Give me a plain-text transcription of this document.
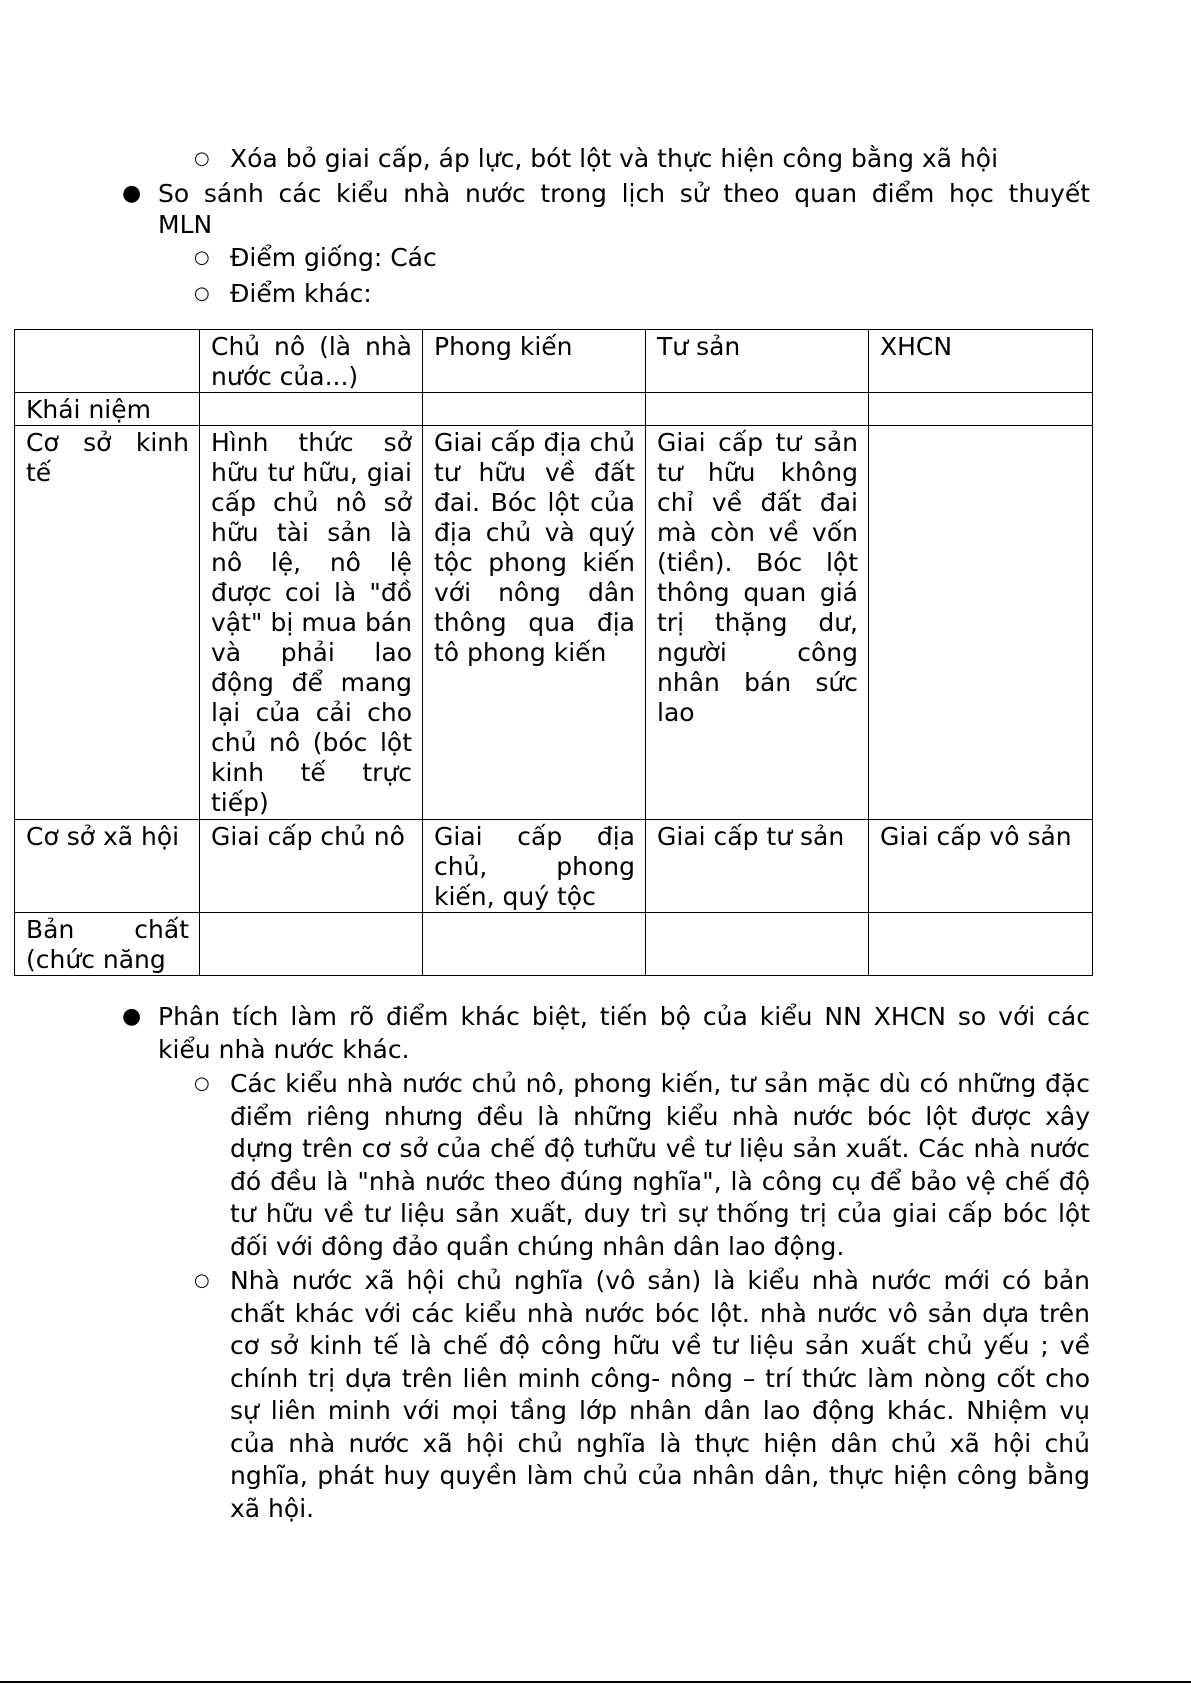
○ Xóa bỏ giai cấp, áp lực, bót lột và thực hiện công bằng xã hội
● So sánh các kiểu nhà nước trong lịch sử theo quan điểm học thuyết
MLN
○ Điểm giống: Các
○ Điểm khác:
	Chủ nô (là nhà nước của...)	Phong kiến	Tư sản	XHCN
Khái niệm				
Cơ sở kinh tế	Hình thức sở hữu tư hữu, giai cấp chủ nô sở hữu tài sản là nô lệ, nô lệ được coi là "đồ vật" bị mua bán và phải lao động để mang lại của cải cho chủ nô (bóc lột kinh tế trực tiếp)	Giai cấp địa chủ tư hữu về đất đai. Bóc lột của địa chủ và quý tộc phong kiến với nông dân thông qua địa tô phong kiến	Giai cấp tư sản tư hữu không chỉ về đất đai mà còn về vốn (tiền). Bóc lột thông quan giá trị thặng dư, người công nhân bán sức lao	
Cơ sở xã hội	Giai cấp chủ nô	Giai cấp địa chủ, phong kiến, quý tộc	Giai cấp tư sản	Giai cấp vô sản
Bản chất (chức năng				
● Phân tích làm rõ điểm khác biệt, tiến bộ của kiểu NN XHCN so với các
kiểu nhà nước khác.
○ Các kiểu nhà nước chủ nô, phong kiến, tư sản mặc dù có những đặc điểm riêng nhưng đều là những kiểu nhà nước bóc lột được xây dựng trên cơ sở của chế độ tưhữu về tư liệu sản xuất. Các nhà nước đó đều là "nhà nước theo đúng nghĩa", là công cụ để bảo vệ chế độ tư hữu về tư liệu sản xuất, duy trì sự thống trị của giai cấp bóc lột đối với đông đảo quần chúng nhân dân lao động.
○ Nhà nước xã hội chủ nghĩa (vô sản) là kiểu nhà nước mới có bản chất khác với các kiểu nhà nước bóc lột. nhà nước vô sản dựa trên cơ sở kinh tế là chế độ công hữu về tư liệu sản xuất chủ yếu ; về chính trị dựa trên liên minh công- nông – trí thức làm nòng cốt cho sự liên minh với mọi tầng lớp nhân dân lao động khác. Nhiệm vụ của nhà nước xã hội chủ nghĩa là thực hiện dân chủ xã hội chủ nghĩa, phát huy quyền làm chủ của nhân dân, thực hiện công bằng xã hội.
